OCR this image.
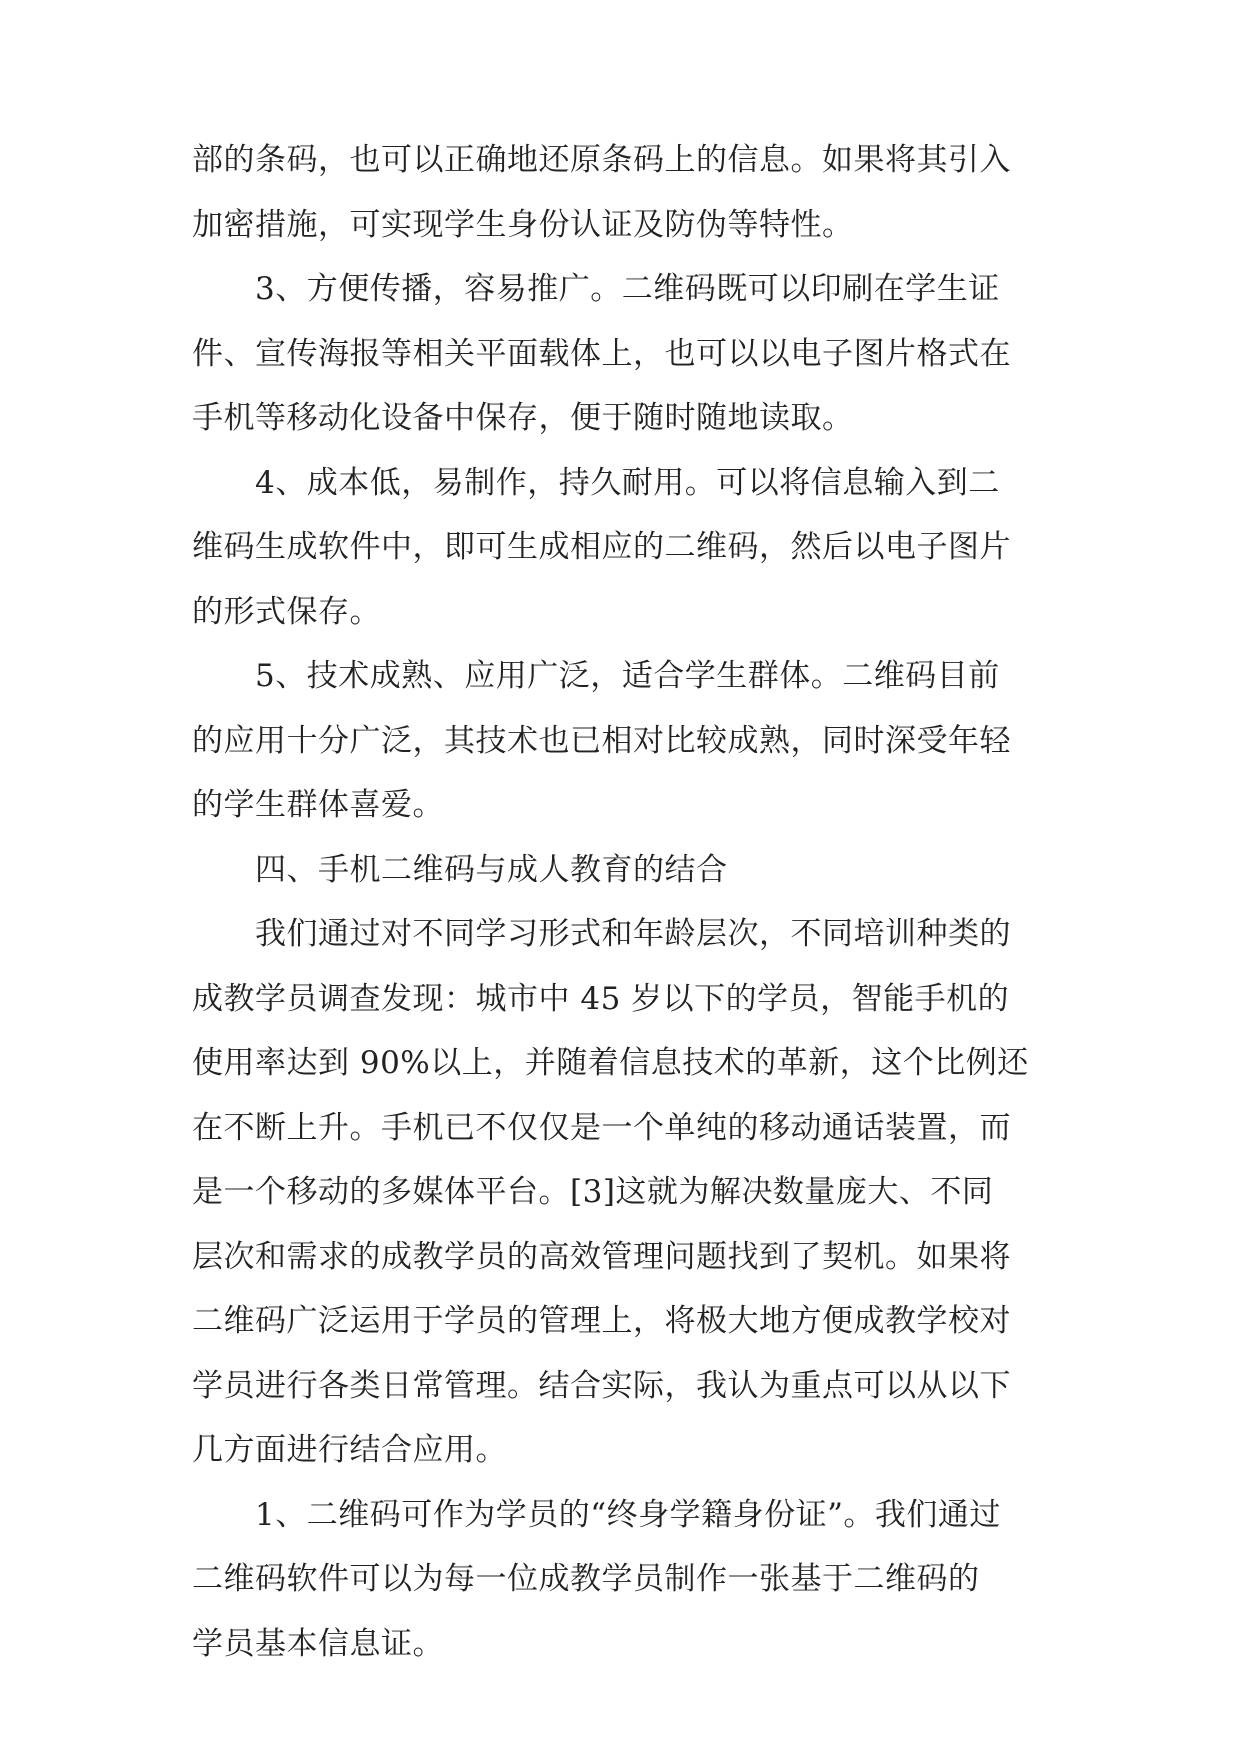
部的条码，也可以正确地还原条码上的信息。如果将其引入
加密措施，可实现学生身份认证及防伪等特性。
3、方便传播，容易推广。二维码既可以印刷在学生证
件、宣传海报等相关平面载体上，也可以以电子图片格式在
手机等移动化设备中保存，便于随时随地读取。
4、成本低，易制作，持久耐用。可以将信息输入到二
维码生成软件中，即可生成相应的二维码，然后以电子图片
的形式保存。
5、技术成熟、应用广泛，适合学生群体。二维码目前
的应用十分广泛，其技术也已相对比较成熟，同时深受年轻
的学生群体喜爱。
四、手机二维码与成人教育的结合
我们通过对不同学习形式和年龄层次，不同培训种类的
成教学员调查发现：城市中 45 岁以下的学员，智能手机的
使用率达到 90%以上，并随着信息技术的革新，这个比例还
在不断上升。手机已不仅仅是一个单纯的移动通话装置，而
是一个移动的多媒体平台。[3]这就为解决数量庞大、不同
层次和需求的成教学员的高效管理问题找到了契机。如果将
二维码广泛运用于学员的管理上，将极大地方便成教学校对
学员进行各类日常管理。结合实际，我认为重点可以从以下
几方面进行结合应用。
1、二维码可作为学员的“终身学籍身份证”。我们通过
二维码软件可以为每一位成教学员制作一张基于二维码的
学员基本信息证。
